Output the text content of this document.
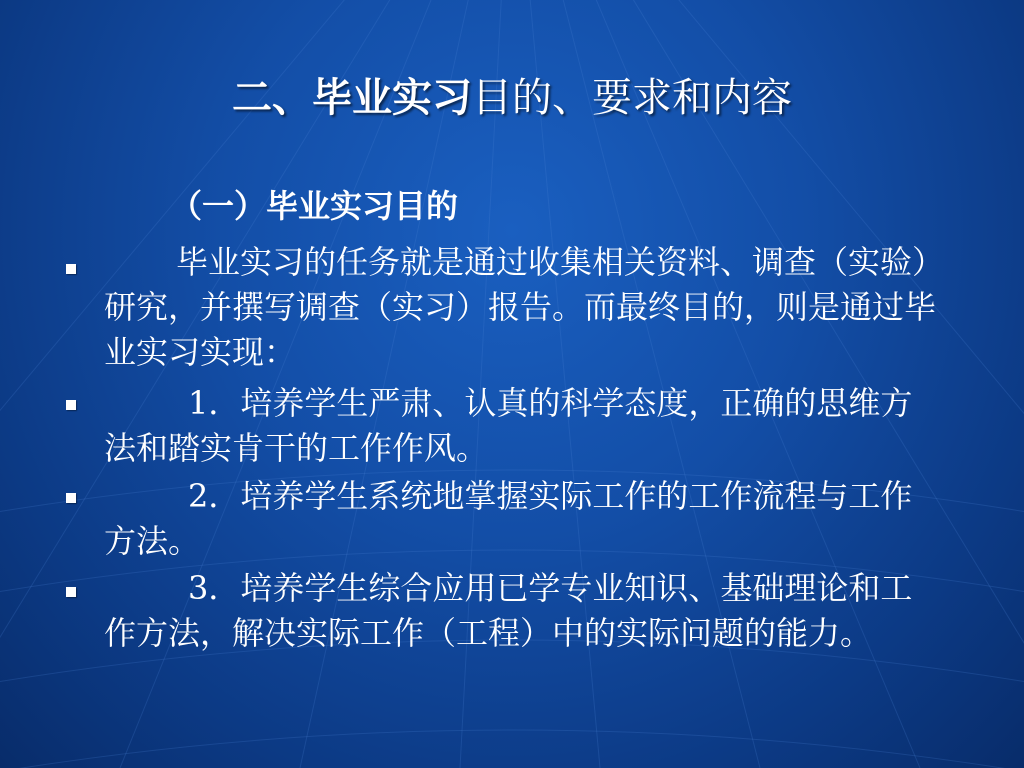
二、毕业实习目的、要求和内容
（一）毕业实习目的
毕业实习的任务就是通过收集相关资料、调查（实验）研究，并撰写调查（实习）报告。而最终目的，则是通过毕业实习实现：
1．培养学生严肃、认真的科学态度，正确的思维方法和踏实肯干的工作作风。
2．培养学生系统地掌握实际工作的工作流程与工作方法。
3．培养学生综合应用已学专业知识、基础理论和工作方法，解决实际工作（工程）中的实际问题的能力。
